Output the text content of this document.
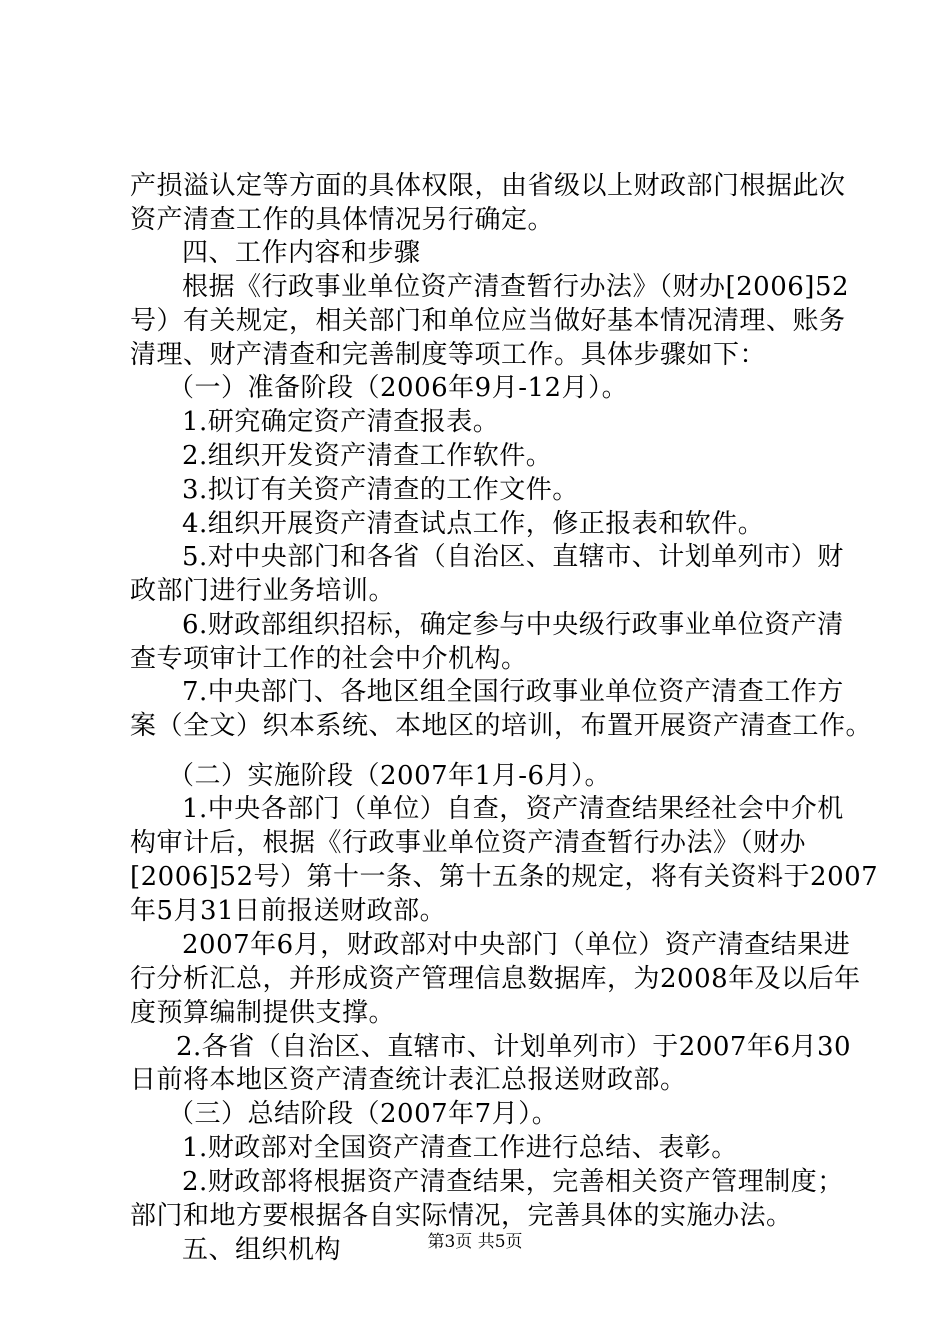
产损溢认定等方面的具体权限，由省级以上财政部门根据此次
资产清查工作的具体情况另行确定。
四、工作内容和步骤
根据《行政事业单位资产清查暂行办法》（财办[2006]52
号）有关规定，相关部门和单位应当做好基本情况清理、账务
清理、财产清查和完善制度等项工作。具体步骤如下：
（一）准备阶段（2006年9月-12月）。
1.研究确定资产清查报表。
2.组织开发资产清查工作软件。
3.拟订有关资产清查的工作文件。
4.组织开展资产清查试点工作，修正报表和软件。
5.对中央部门和各省（自治区、直辖市、计划单列市）财
政部门进行业务培训。
6.财政部组织招标，确定参与中央级行政事业单位资产清
查专项审计工作的社会中介机构。
7.中央部门、各地区组全国行政事业单位资产清查工作方
案（全文）织本系统、本地区的培训，布置开展资产清查工作。
（二）实施阶段（2007年1月-6月）。
1.中央各部门（单位）自查，资产清查结果经社会中介机
构审计后，根据《行政事业单位资产清查暂行办法》（财办
[2006]52号）第十一条、第十五条的规定，将有关资料于2007
年5月31日前报送财政部。
2007年6月，财政部对中央部门（单位）资产清查结果进
行分析汇总，并形成资产管理信息数据库，为2008年及以后年
度预算编制提供支撑。
2.各省（自治区、直辖市、计划单列市）于2007年6月30
日前将本地区资产清查统计表汇总报送财政部。
（三）总结阶段（2007年7月）。
1.财政部对全国资产清查工作进行总结、表彰。
2.财政部将根据资产清查结果，完善相关资产管理制度；
部门和地方要根据各自实际情况，完善具体的实施办法。
五、组织机构	第3页 共5页
